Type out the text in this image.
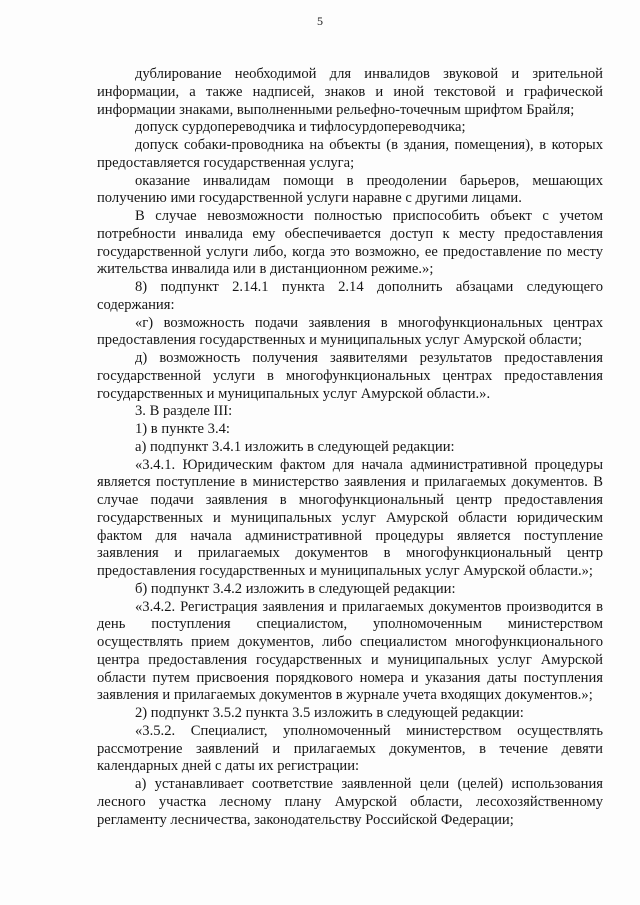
5

дублирование необходимой для инвалидов звуковой и зрительной информации, а также надписей, знаков и иной текстовой и графической информации знаками, выполненными рельефно-точечным шрифтом Брайля;

допуск сурдопереводчика и тифлосурдопереводчика;

допуск собаки-проводника на объекты (в здания, помещения), в которых предоставляется государственная услуга;

оказание инвалидам помощи в преодолении барьеров, мешающих получению ими государственной услуги наравне с другими лицами.

В случае невозможности полностью приспособить объект с учетом потребности инвалида ему обеспечивается доступ к месту предоставления государственной услуги либо, когда это возможно, ее предоставление по месту жительства инвалида или в дистанционном режиме.»;

8) подпункт 2.14.1 пункта 2.14 дополнить абзацами следующего содержания:

«г) возможность подачи заявления в многофункциональных центрах предоставления государственных и муниципальных услуг Амурской области;

д) возможность получения заявителями результатов предоставления государственной услуги в многофункциональных центрах предоставления государственных и муниципальных услуг Амурской области.».

3. В разделе III:

1) в пункте 3.4:

а) подпункт 3.4.1 изложить в следующей редакции:

«3.4.1. Юридическим фактом для начала административной процедуры является поступление в министерство заявления и прилагаемых документов. В случае подачи заявления в многофункциональный центр предоставления государственных и муниципальных услуг Амурской области юридическим фактом для начала административной процедуры является поступление заявления и прилагаемых документов в многофункциональный центр предоставления государственных и муниципальных услуг Амурской области.»;

б) подпункт 3.4.2 изложить в следующей редакции:

«3.4.2. Регистрация заявления и прилагаемых документов производится в день поступления специалистом, уполномоченным министерством осуществлять прием документов, либо специалистом многофункционального центра предоставления государственных и муниципальных услуг Амурской области путем присвоения порядкового номера и указания даты поступления заявления и прилагаемых документов в журнале учета входящих документов.»;

2) подпункт 3.5.2 пункта 3.5 изложить в следующей редакции:

«3.5.2. Специалист, уполномоченный министерством осуществлять рассмотрение заявлений и прилагаемых документов, в течение девяти календарных дней с даты их регистрации:

а) устанавливает соответствие заявленной цели (целей) использования лесного участка лесному плану Амурской области, лесохозяйственному регламенту лесничества, законодательству Российской Федерации;
